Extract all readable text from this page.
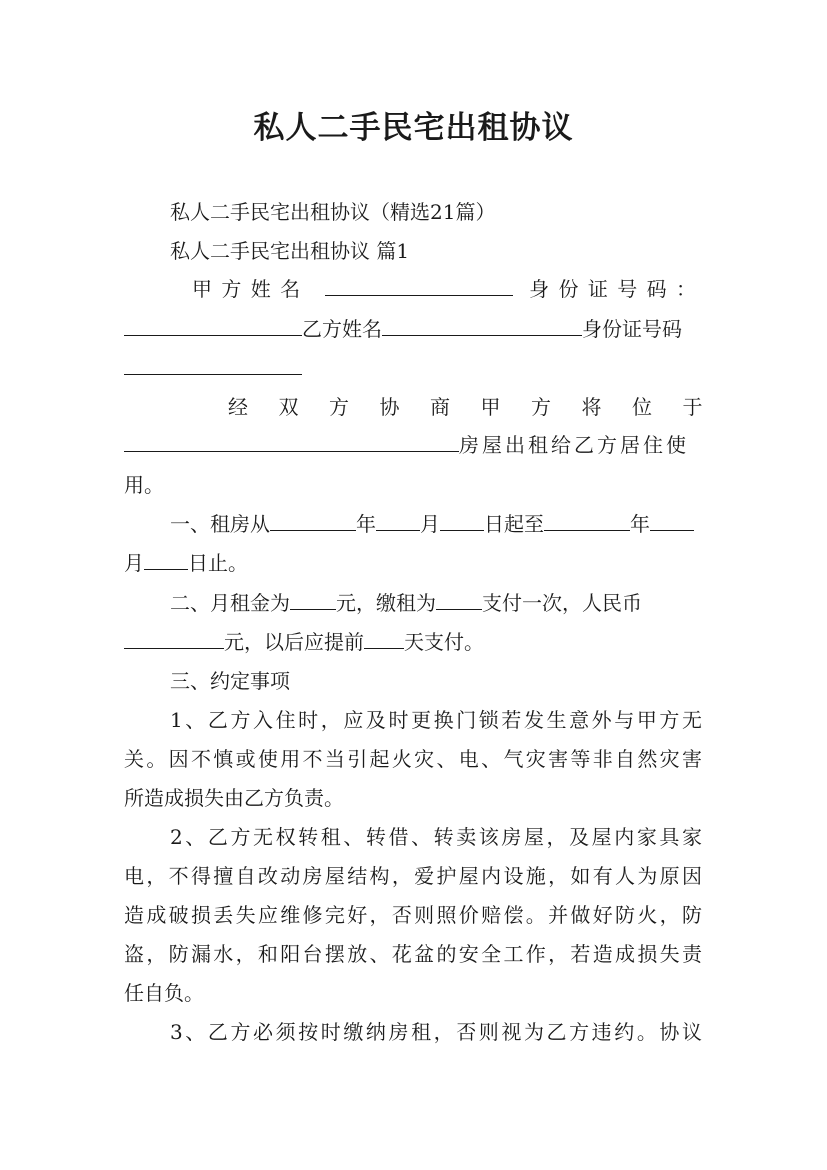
私人二手民宅出租协议
私人二手民宅出租协议（精选21篇）
私人二手民宅出租协议 篇1
甲方姓名	身份证号码：
乙方姓名	身份证号码
经双方协商甲方将位于
房屋出租给乙方居住使
用。
一、租房从	年 月 日起至	年
月 日止。
二、月租金为 元，缴租为 支付一次，人民币
元，以后应提前 天支付。
三、约定事项
1、乙方入住时，应及时更换门锁若发生意外与甲方无
关。因不慎或使用不当引起火灾、电、气灾害等非自然灾害
所造成损失由乙方负责。
2、乙方无权转租、转借、转卖该房屋，及屋内家具家
电，不得擅自改动房屋结构，爱护屋内设施，如有人为原因
造成破损丢失应维修完好，否则照价赔偿。并做好防火，防
盗，防漏水，和阳台摆放、花盆的安全工作，若造成损失责
任自负。
3、乙方必须按时缴纳房租，否则视为乙方违约。协议
